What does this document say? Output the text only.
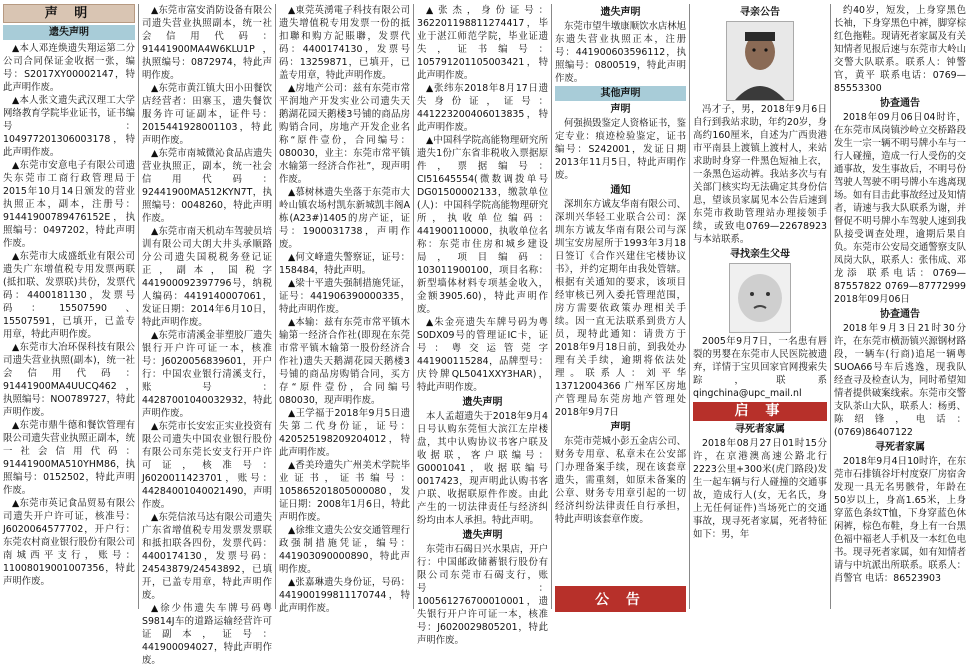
声 明
遗失声明

▲本人邓连焕遗失翔运第二分公司合同保证金收据一张，编号：S2017XY00002147，特此声明作废。

▲本人张文遗失武汉理工大学网络教育学院毕业证书，证书编号：104977201306003178，特此声明作废。

▲东莞市安意电子有限公司遗失东莞市工商行政管理局于2015年10月14日颁发的营业执照正本，副本，注册号：914419007894761​52E，执照编号：0497202，特此声明作废。

▲东莞市大成盛纸业有限公司遗失广东增值税专用发票两联(抵扣联、发票联)共份，发票代码：4400181130，发票号码：15507590、15507591，已填开，已盖专用章，特此声明作废。

▲东莞市大冶环保科技有限公司遗失营业执照(副本)，统一社会信用代码：91441900MA4UUCQ462，执照编号：NO0789727，特此声明作废。

▲东莞市鼎牛德和餐饮管理有限公司遗失营业执照正副本，统一社会信用代码：91441900MA510YHM86，执照编号：0152502，特此声明作废。

▲东莞市英记食品贸易有限公司遗失开户许可证，核准号：J6020064577702，开户行：东莞农村商业银行股份有限公司南城西平支行，账号：11008019001007356，特此声明作废。

▲东莞市富安消防设备有限公司遗失营业执照副本，统一社会信用代码：91441900MA4W6KLU1P，执照编号：0872974，特此声明作废。

▲东莞市黄江镇大田小田餐饮店经营者：田寨玉，遗失餐饮服务许可证副本，证件号：2015441928001103，特此声明作废。

▲东莞市南城微沁食品店遗失营业执照正，副本，统一社会信用代码：92441900MA512KYN7T，执照编号：0048260，特此声明作废。

▲东莞市南天机动车驾驶员培训有限公司大朗大井头承顺路分公司遗失国税税务登记证正，副本，国税字441900092397796号，纳税人编码：4419140007061，发证日期：2014年6月10日，特此声明作废。

▲东莞市清溪金菲塑胶厂遗失银行开户许可证一本，核准号：J6020056839601，开户行：中国农业银行清溪支行，账号：44287001040032932，特此声明作废。

▲东莞市长安宏正实业投资有限公司遗失中国农业银行股份有限公司东莞长安支行开户许可证，核准号：J6020011423701，账号：44284001040021490，声明作废。

▲东莞信浓马达有限公司遗失广东省增值税专用发票发票联和抵扣联各四份，发票代码：4400174130，发票号码：24543879/24543892，已填开，已盖专用章，特此声明作废。

▲徐少伟遗失车牌号码粤S9814J车的道路运输经营许可证副本，证号：441900094027，特此声明作废。

▲東莞英湧電子科技有限公司遗失增值税专用发票一份的抵扣聯和购方記賬聯，发票代码：4400174130，发票号码：13259871，已填开，已盖专用章，特此声明作废。

▲房地产公司：兹有东莞市常平润地产开发实业公司遗失天鹅湖花园天鹅楼3号铺的商品房购销合同，房地产开发企业名称“原件壹份，合同编号：080030，业主：东莞市常平镇水输第一经济合作社”，现声明作废。

▲慕树林遗失坐落于东莞市大岭山镇农场村凯东新城凯丰阁A栋(A23#)1405的房产证，证号：1900031738，声明作废。

▲何文峰遗失警察证，证号：158484，特此声明。

▲梁十平遗失强制措施凭证，证号：441906390000335，特此声明作废。

▲本输：兹有东莞市常平镇木输第一经济合作社(即现在东莞市常平镇木输第一股份经济合作社)遗失天鹅湖花园天鹅楼3号铺的商品房购销合同，买方存“原件壹份，合同编号080030，现声明作废。

▲王学福于2018年9月5日遗失第二代身份证，证号：420525198209204012，特此声明作废。

▲香美玲遗失广州美术学院毕业证书，证书编号：105865201805000080，发证日期：2008年1月6日，特此声明作废。

▲徐维文遗失公安交通管理行政强制措施凭证，编号：441903090000890，特此声明作废。

▲张嘉琳遗失身份证，号码：441900199811170744，特此声明作废。

▲张杰，身份证号：362201198811274417，毕业于湛江师范学院，毕业证遗失，证书编号：105791201105003421，特此声明作废。

▲张纬东2018年8月17日遗失身份证，证号：441223200406013835，特此声明作废。

▲中国科学院高能物理研究所遗失1份广东省非税收入票据原件，票据编号：CI51645554(微数调拨单号DG01500002133，缴款单位(人)：中国科学院高能物理研究所，执收单位编码：441900110000，执收单位名称：东莞市住房和城乡建设局，项目编码：103011900100，项目名称：新型墙体材料专项基金收入，金额3905.60)，特此声明作废。

▲朱金亮遗失车牌号码为粤S0DX09号的管理证IC卡，证号：粤交运管莞字441900115284，品牌型号：庆铃牌QL5041XXY3HAR)，特此声明作废。

遗失声明

本人孟超遗失于2018年9月4日号认购东莞恒大滨江左岸楼盘，其中认购协议书客户联及收据联，客户联编号：G0001041，收据联编号0017423，现声明此认购书客户联、收据联原件作废。由此产生的一切法律责任与经济纠纷均由本人承担。特此声明。

遗失声明

东莞市石碣日兴水果店，开户行：中国邮政储蓄银行股份有限公司东莞市石碣支行，账号：100561276700010001，遗失银行开户许可证一本，核准号：J6020029805201，特此声明作废。

遗失声明

东莞市望牛墩康顺饮水店林旭东遗失营业执照正本，注册号：441900603596112，执照编号：0800519，特此声明作废。

其他声明
声明

何强损毁鉴定人资格证书，鉴定专业：痕迹检验鉴定，证书编号：S242001，发证日期2013年11月5日，特此声明作废。

通知

深圳东方诚友华南有限公司、深圳兴华轻工业联合公司：深圳东方诚友华南有限公司与深圳宝安房屋所于1993年3月18日签订《合作兴建住宅楼协议书》，并约定期年由我处管辖。根据有关通知的要求，该项目经审核已列入委托管理范围，房方需要依政策办理相关手续。因一直无法联系到贵方人员，现特此通知：请贵方于2018年9月18日前，到我处办理有关手续，逾期将依法处理。联系人：刘平华 13712004366 广州军区房地产管理局东莞房地产管理处 2018年9月7日

声明

东莞市莞城小彭五金店公司、财务专用章、私章未在公安部门办理备案手续，现在该套章遗失，需重刻，如原未备案的公章、财务专用章引起的一切经济纠纷法律责任自行承担，特此声明该套章作废。

公 告
寻亲公告

冯才子，男，2018年9月6日自行到我站求助，年约20岁，身高约160厘米，自述为广西贵港市平南县上渡镇上渡村人，来站求助时身穿一件黑色短袖上衣，一条黑色运动裤。我站多次与有关部门核实均无法确定其身份信息，望该员家属见本公告后速到东莞市救助管理站办理接领手续，或致电0769—22678923与本站联系。

寻找亲生父母

2005年9月7日，一名患有唇裂的男婴在东莞市人民医院被遗弃，详情于宝贝回家官网搜索失踪，联系qingchina@upc_mail.nl

启 事
寻死者家属

2018年08月27日01时15分许，在京港澳高速公路北行2223公里+300米(虎门路段)发生一起车辆与行人碰撞的交通事故，造成行人(女，无名氏，身上无任何证件)当场死亡的交通事故，现寻死者家属，死者特征如下：男，年

约40岁，短发，上身穿黑色长袖，下身穿黑色中裤，脚穿棕红色拖鞋。现请死者家属及有关知情者见报后速与东莞市大岭山交警大队联系。联系人：钟警官，黄平 联系电话：0769—85553300

协查通告

2018年09月06日04时许，在东莞市凤岗镇沙岭立交桥路段发生一宗一辆不明号牌小车与一行人碰撞，造成一行人受伤的交通事故，发生事故后，不明号份驾驶人驾驶不明号牌小车逃离现场。如有目击此事故经过及知情者，请速与我大队联系为谢，并督促不明号牌小车驾驶人速到我队接受调查处理，逾期后果自负。东莞市公安局交通警察支队凤岗大队，联系人：张伟成、邓龙添 联系电话：0769—87557822 0769—87772999 2018年09月06日

协查通告

2018年9月3日21时30分许，在东莞市横沥镇兴源钢材路段，一辆车(行商)追尾一辆粤SUOA66号车后逃逸，现我队经查寻及检查认为，同时希望知情者提供破案线索。东莞市交警支队茶山大队，联系人：杨勇、陈绍锋，电话：(0769)86407122

寻死者家属

2018年9月4日10时许，在东莞市石排镇谷圩村度寮厂房宿舍发现一具无名男骸骨，年龄在50岁以上，身高1.65米，上身穿蓝色条纹T恤，下身穿蓝色休闲裤，棕色布鞋，身上有一台黑色福中福老人手机及一本红色电书。现寻死者家属，如有知情者请与中坑派出所联系。联系人：肖警官 电话：86523903
